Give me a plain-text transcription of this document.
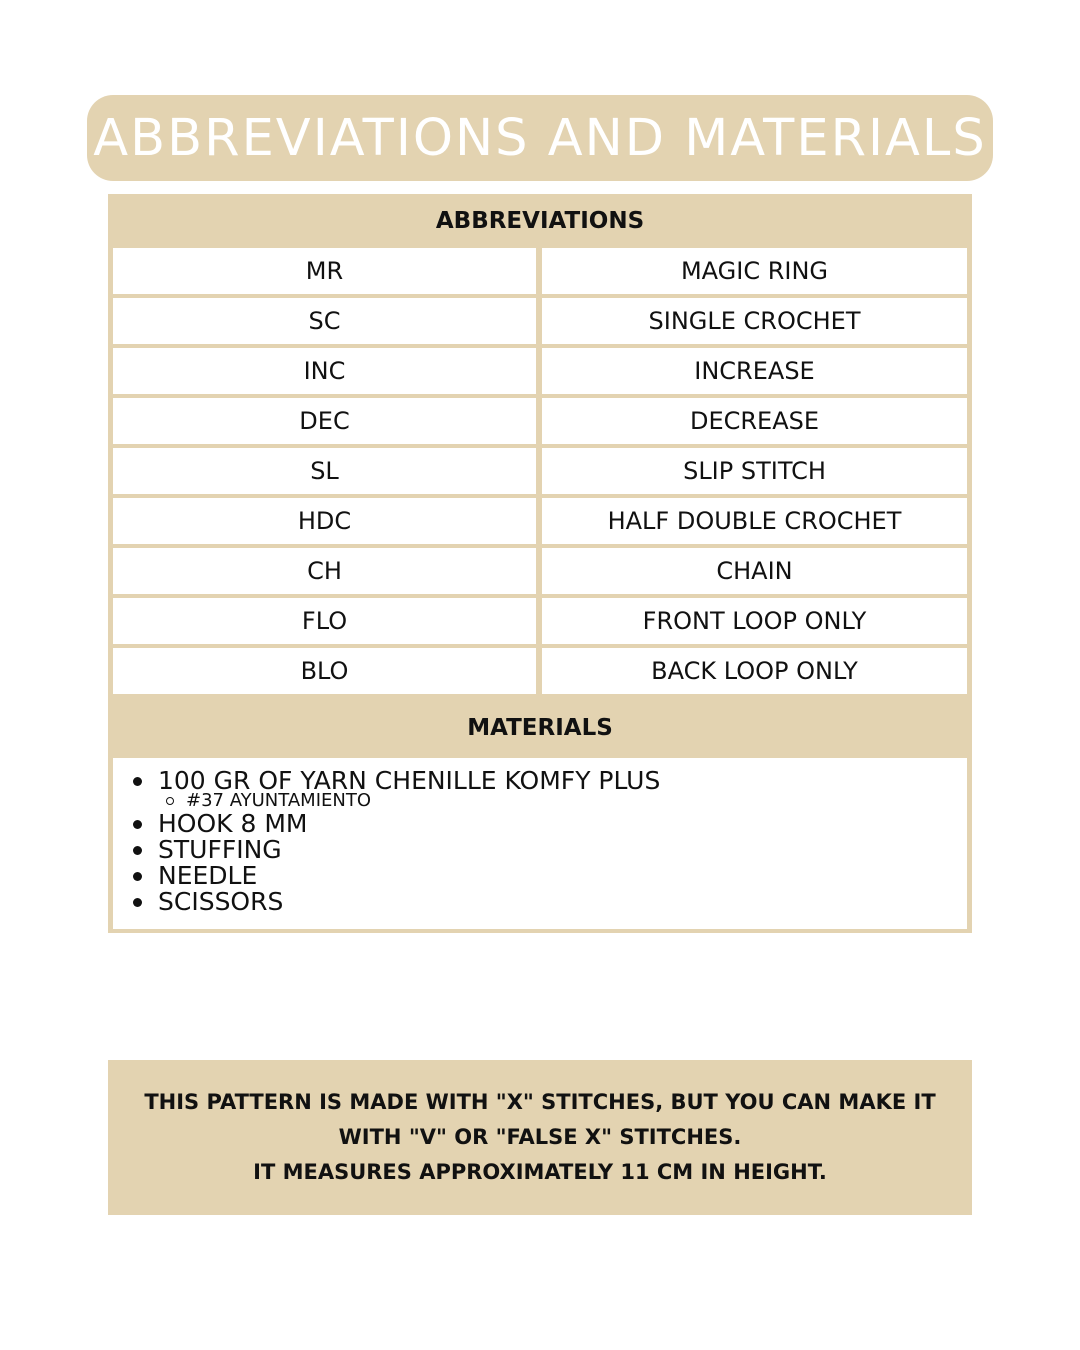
ABBREVIATIONS AND MATERIALS
ABBREVIATIONS
MR	MAGIC RING
SC	SINGLE CROCHET
INC	INCREASE
DEC	DECREASE
SL	SLIP STITCH
HDC	HALF DOUBLE CROCHET
CH	CHAIN
FLO	FRONT LOOP ONLY
BLO	BACK LOOP ONLY
MATERIALS
100 GR OF YARN CHENILLE KOMFY PLUS
#37 AYUNTAMIENTO
HOOK 8 MM
STUFFING
NEEDLE
SCISSORS
THIS PATTERN IS MADE WITH "X" STITCHES, BUT YOU CAN MAKE IT
WITH "V" OR "FALSE X" STITCHES.
IT MEASURES APPROXIMATELY 11 CM IN HEIGHT.
